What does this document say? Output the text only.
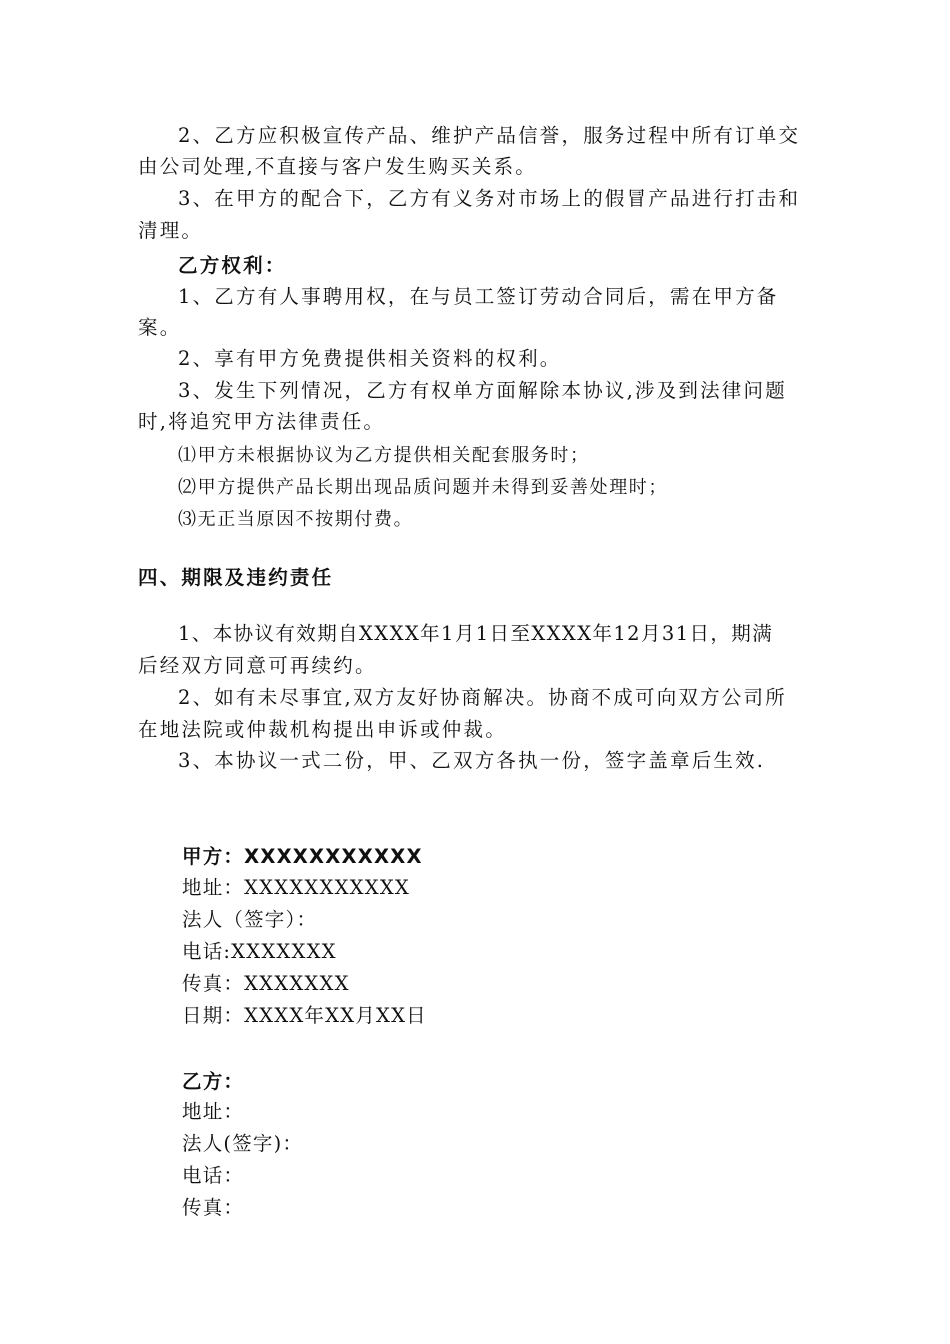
2、乙方应积极宣传产品、维护产品信誉，服务过程中所有订单交
由公司处理,不直接与客户发生购买关系。
3、在甲方的配合下，乙方有义务对市场上的假冒产品进行打击和
清理。
乙方权利：
1、乙方有人事聘用权，在与员工签订劳动合同后，需在甲方备
案。
2、享有甲方免费提供相关资料的权利。
3、发生下列情况，乙方有权单方面解除本协议,涉及到法律问题
时,将追究甲方法律责任。
⑴甲方未根据协议为乙方提供相关配套服务时；
⑵甲方提供产品长期出现品质问题并未得到妥善处理时；
⑶无正当原因不按期付费。
四、期限及违约责任
1、本协议有效期自XXXX年1月1日至XXXX年12月31日，期满
后经双方同意可再续约。
2、如有未尽事宜,双方友好协商解决。协商不成可向双方公司所
在地法院或仲裁机构提出申诉或仲裁。
3、本协议一式二份，甲、乙双方各执一份，签字盖章后生效.
甲方：XXXXXXXXXXX
地址：XXXXXXXXXXX
法人（签字）：
电话:XXXXXXX
传真：XXXXXXX
日期：XXXX年XX月XX日
乙方：
地址：
法人(签字)：
电话：
传真：
